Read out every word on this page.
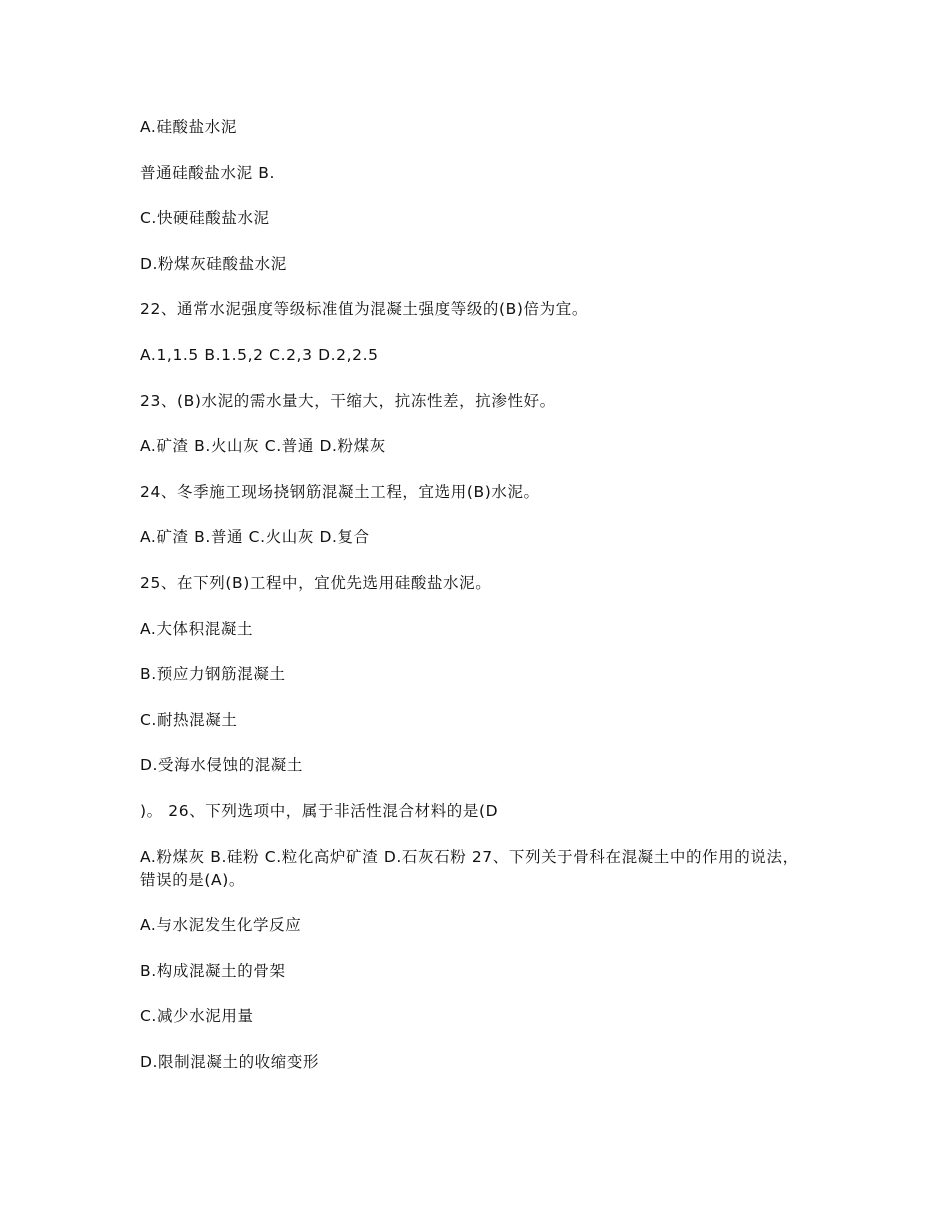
A.硅酸盐水泥

普通硅酸盐水泥 B.

C.快硬硅酸盐水泥

D.粉煤灰硅酸盐水泥

22、通常水泥强度等级标准值为混凝土强度等级的(B)倍为宜。

A.1,1.5 B.1.5,2 C.2,3 D.2,2.5

23、(B)水泥的需水量大，干缩大，抗冻性差，抗渗性好。

A.矿渣 B.火山灰 C.普通 D.粉煤灰

24、冬季施工现场挠钢筋混凝土工程，宜选用(B)水泥。

A.矿渣 B.普通 C.火山灰 D.复合

25、在下列(B)工程中，宜优先选用硅酸盐水泥。

A.大体积混凝土

B.预应力钢筋混凝土

C.耐热混凝土

D.受海水侵蚀的混凝土

)。 26、下列选项中，属于非活性混合材料的是(D

A.粉煤灰 B.硅粉 C.粒化高炉矿渣 D.石灰石粉 27、下列关于骨科在混凝土中的作用的说法，错误的是(A)。

A.与水泥发生化学反应

B.构成混凝土的骨架

C.减少水泥用量

D.限制混凝土的收缩变形
